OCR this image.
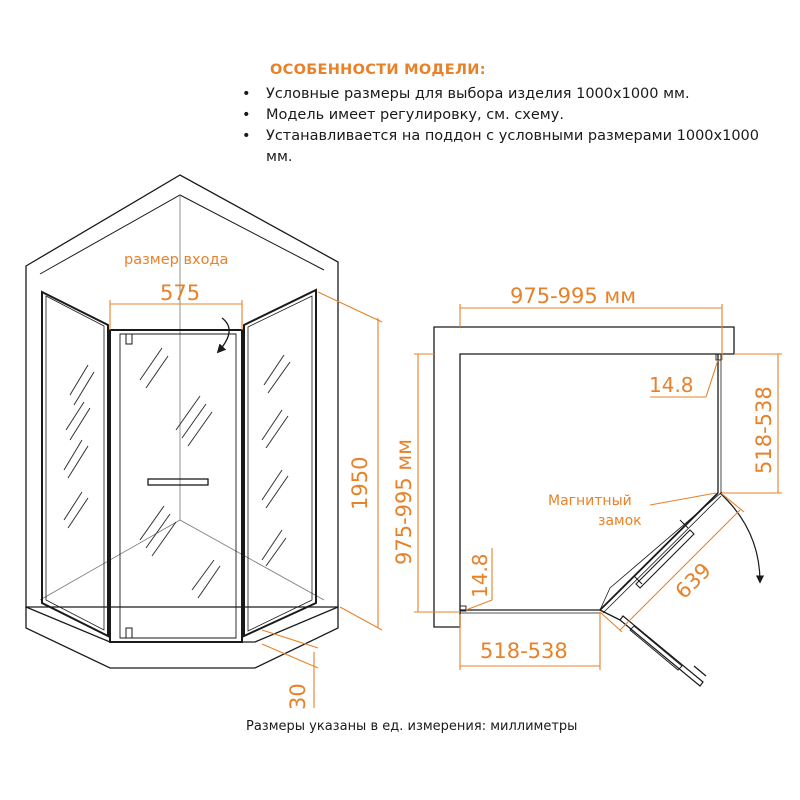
ОСОБЕННОСТИ МОДЕЛИ:
• Условные размеры для выбора изделия 1000х1000 мм.
• Модель имеет регулировку, см. схему.
• Устанавливается на поддон с условными размерами 1000х1000 мм.
размер входа
575
1950
30
975-995 мм
975-995 мм
14.8
14.8
518-538
518-538
639
Магнитный
замок
Размеры указаны в ед. измерения: миллиметры
